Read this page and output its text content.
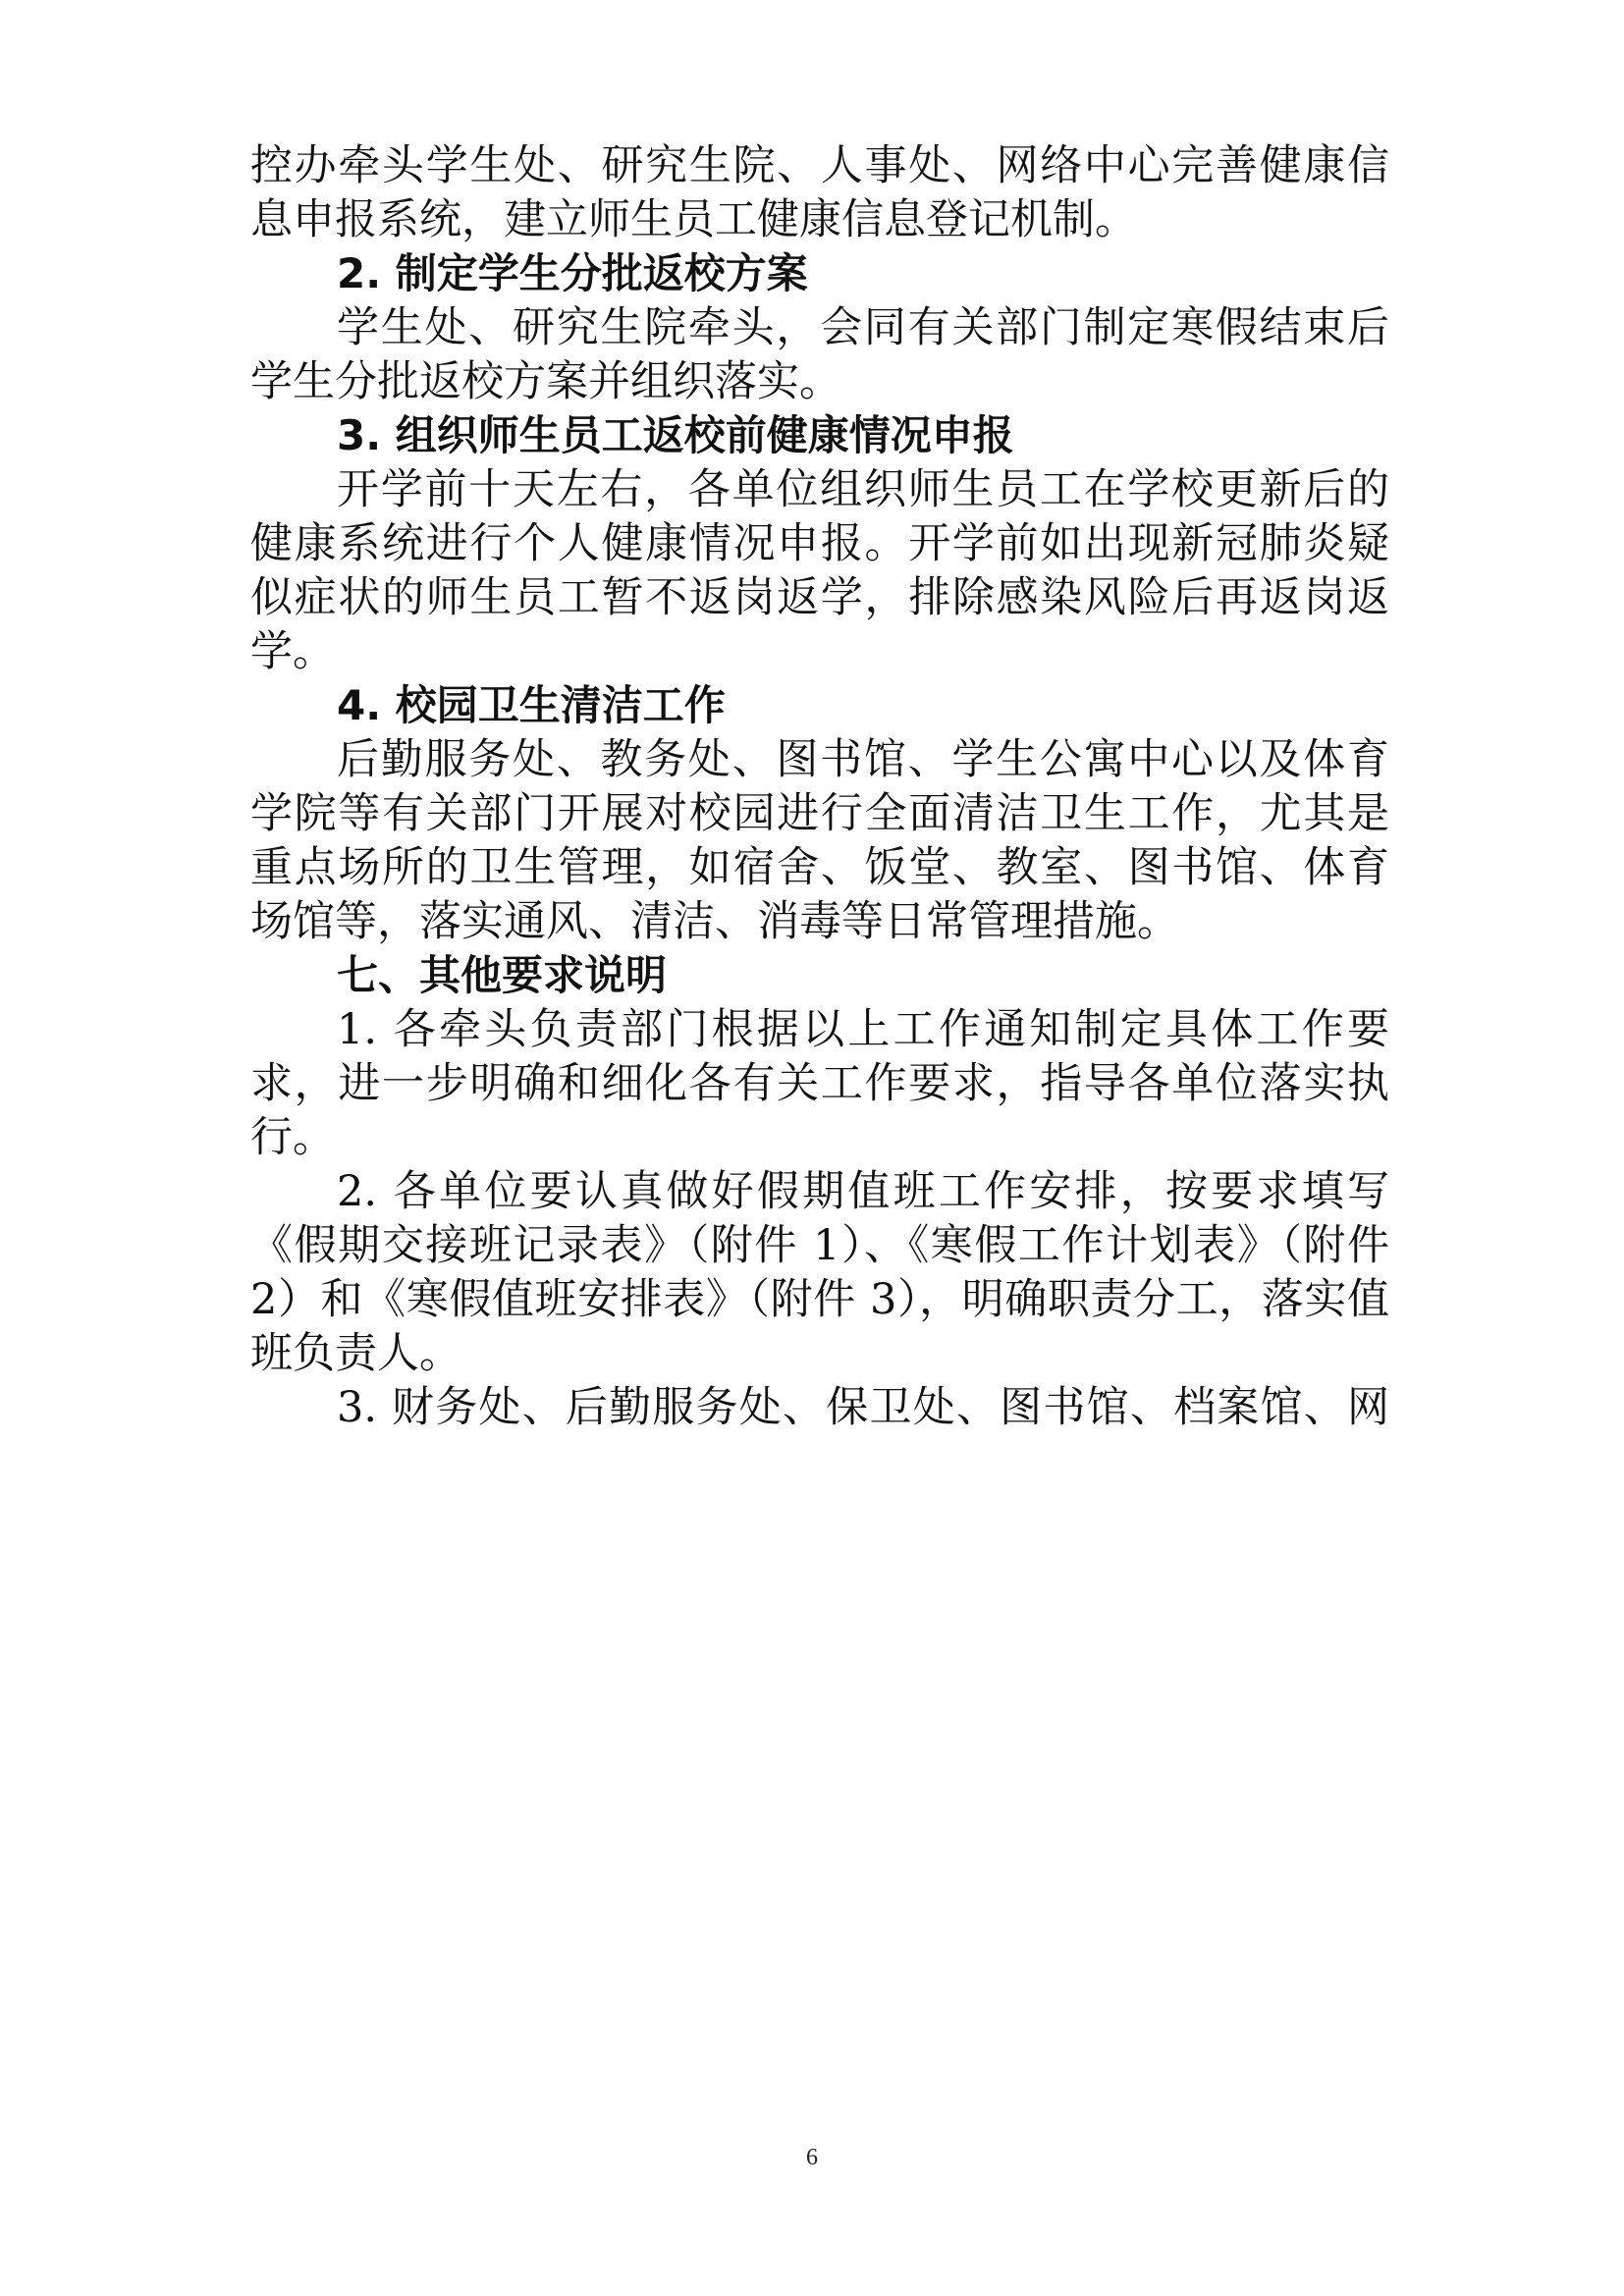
控办牵头学生处、研究生院、人事处、网络中心完善健康信
息申报系统，建立师生员工健康信息登记机制。
2. 制定学生分批返校方案
学生处、研究生院牵头，会同有关部门制定寒假结束后
学生分批返校方案并组织落实。
3. 组织师生员工返校前健康情况申报
开学前十天左右，各单位组织师生员工在学校更新后的
健康系统进行个人健康情况申报。开学前如出现新冠肺炎疑
似症状的师生员工暂不返岗返学，排除感染风险后再返岗返
学。
4. 校园卫生清洁工作
后勤服务处、教务处、图书馆、学生公寓中心以及体育
学院等有关部门开展对校园进行全面清洁卫生工作，尤其是
重点场所的卫生管理，如宿舍、饭堂、教室、图书馆、体育
场馆等，落实通风、清洁、消毒等日常管理措施。
七、其他要求说明
1. 各牵头负责部门根据以上工作通知制定具体工作要
求，进一步明确和细化各有关工作要求，指导各单位落实执
行。
2. 各单位要认真做好假期值班工作安排，按要求填写
《假期交接班记录表》（附件 1）、《寒假工作计划表》（附件
2）和《寒假值班安排表》（附件 3），明确职责分工，落实值
班负责人。
3. 财务处、后勤服务处、保卫处、图书馆、档案馆、网
6
